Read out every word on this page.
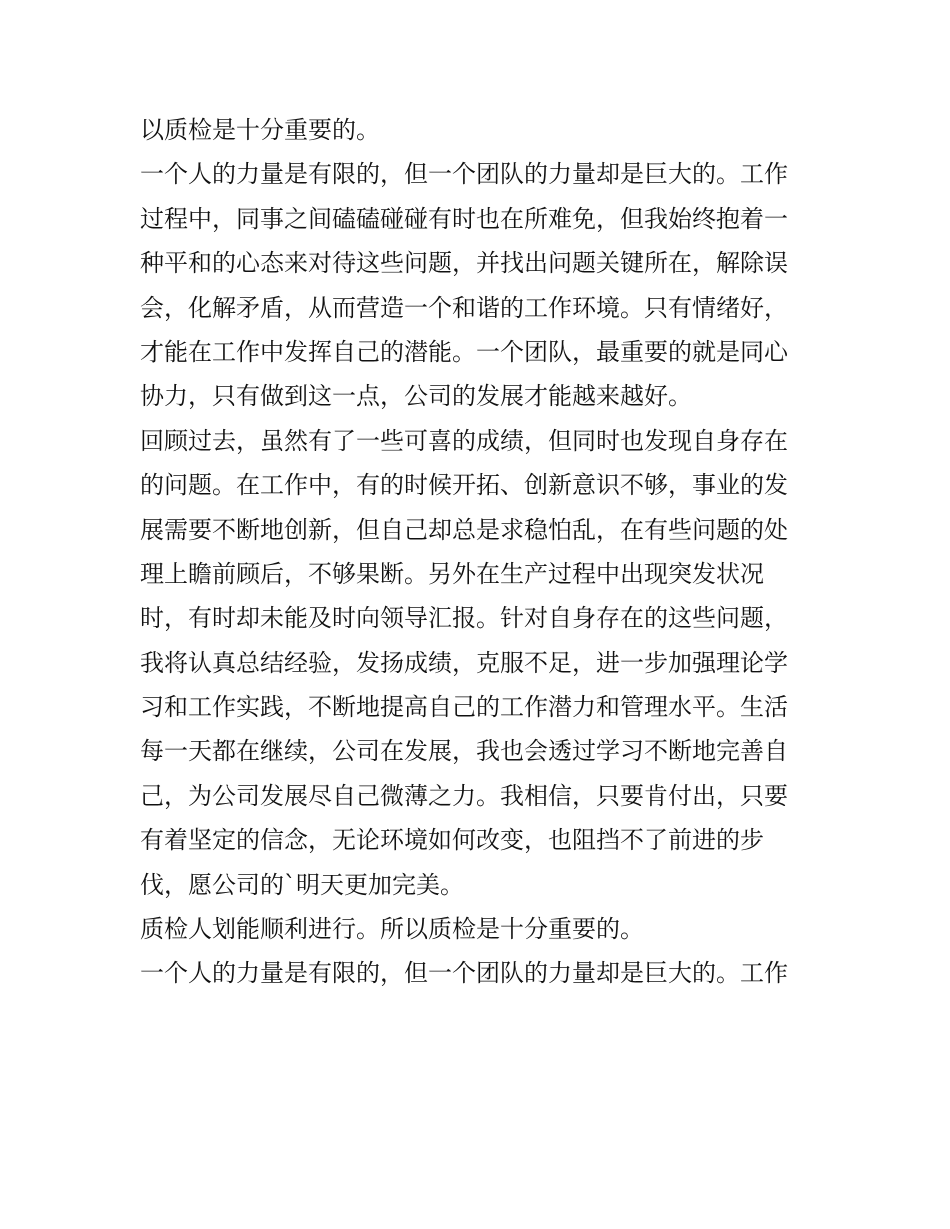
以质检是十分重要的。
一个人的力量是有限的，但一个团队的力量却是巨大的。工作
过程中，同事之间磕磕碰碰有时也在所难免，但我始终抱着一
种平和的心态来对待这些问题，并找出问题关键所在，解除误
会，化解矛盾，从而营造一个和谐的工作环境。只有情绪好，
才能在工作中发挥自己的潜能。一个团队，最重要的就是同心
协力，只有做到这一点，公司的发展才能越来越好。
回顾过去，虽然有了一些可喜的成绩，但同时也发现自身存在
的问题。在工作中，有的时候开拓、创新意识不够，事业的发
展需要不断地创新，但自己却总是求稳怕乱，在有些问题的处
理上瞻前顾后，不够果断。另外在生产过程中出现突发状况
时，有时却未能及时向领导汇报。针对自身存在的这些问题，
我将认真总结经验，发扬成绩，克服不足，进一步加强理论学
习和工作实践，不断地提高自己的工作潜力和管理水平。生活
每一天都在继续，公司在发展，我也会透过学习不断地完善自
己，为公司发展尽自己微薄之力。我相信，只要肯付出，只要
有着坚定的信念，无论环境如何改变，也阻挡不了前进的步
伐，愿公司的`明天更加完美。
质检人划能顺利进行。所以质检是十分重要的。
一个人的力量是有限的，但一个团队的力量却是巨大的。工作
